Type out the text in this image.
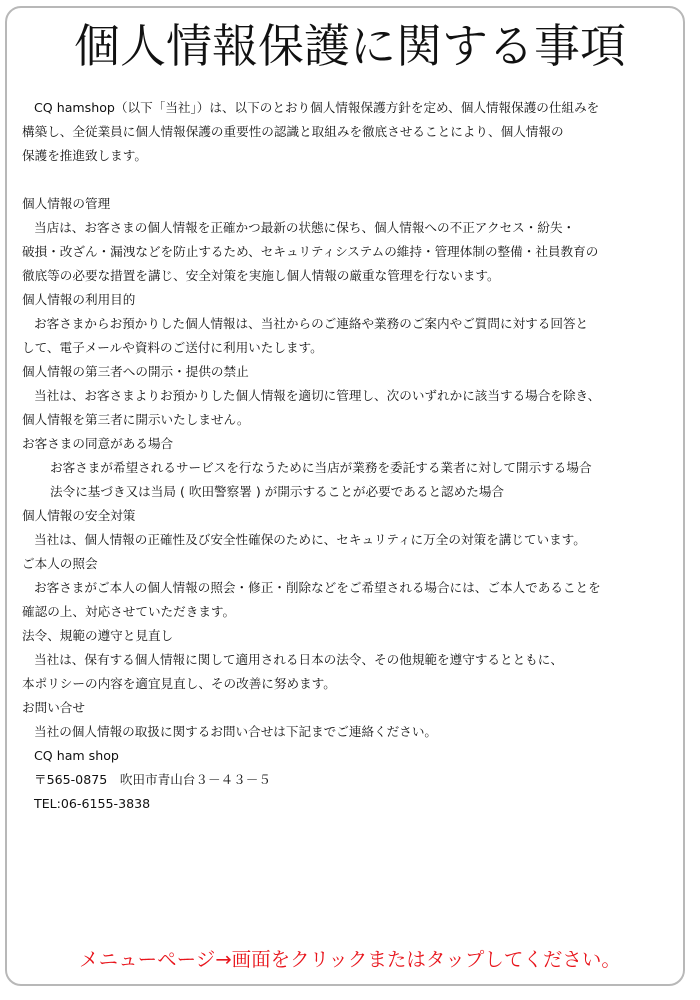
個人情報保護に関する事項
CQ hamshop（以下「当社」）は、以下のとおり個人情報保護方針を定め、個人情報保護の仕組みを
構築し、全従業員に個人情報保護の重要性の認識と取組みを徹底させることにより、個人情報の
保護を推進致します。
個人情報の管理
当店は、お客さまの個人情報を正確かつ最新の状態に保ち、個人情報への不正アクセス・紛失・
破損・改ざん・漏洩などを防止するため、セキュリティシステムの維持・管理体制の整備・社員教育の
徹底等の必要な措置を講じ、安全対策を実施し個人情報の厳重な管理を行ないます。
個人情報の利用目的
お客さまからお預かりした個人情報は、当社からのご連絡や業務のご案内やご質問に対する回答と
して、電子メールや資料のご送付に利用いたします。
個人情報の第三者への開示・提供の禁止
当社は、お客さまよりお預かりした個人情報を適切に管理し、次のいずれかに該当する場合を除き、
個人情報を第三者に開示いたしません。
お客さまの同意がある場合
お客さまが希望されるサービスを行なうために当店が業務を委託する業者に対して開示する場合
法令に基づき又は当局 ( 吹田警察署 ) が開示することが必要であると認めた場合
個人情報の安全対策
当社は、個人情報の正確性及び安全性確保のために、セキュリティに万全の対策を講じています。
ご本人の照会
お客さまがご本人の個人情報の照会・修正・削除などをご希望される場合には、ご本人であることを
確認の上、対応させていただきます。
法令、規範の遵守と見直し
当社は、保有する個人情報に関して適用される日本の法令、その他規範を遵守するとともに、
本ポリシーの内容を適宜見直し、その改善に努めます。
お問い合せ
当社の個人情報の取扱に関するお問い合せは下記までご連絡ください。
CQ ham shop
〒565-0875　吹田市青山台３－４３－５
TEL:06-6155-3838
メニューページ→画面をクリックまたはタップしてください。
